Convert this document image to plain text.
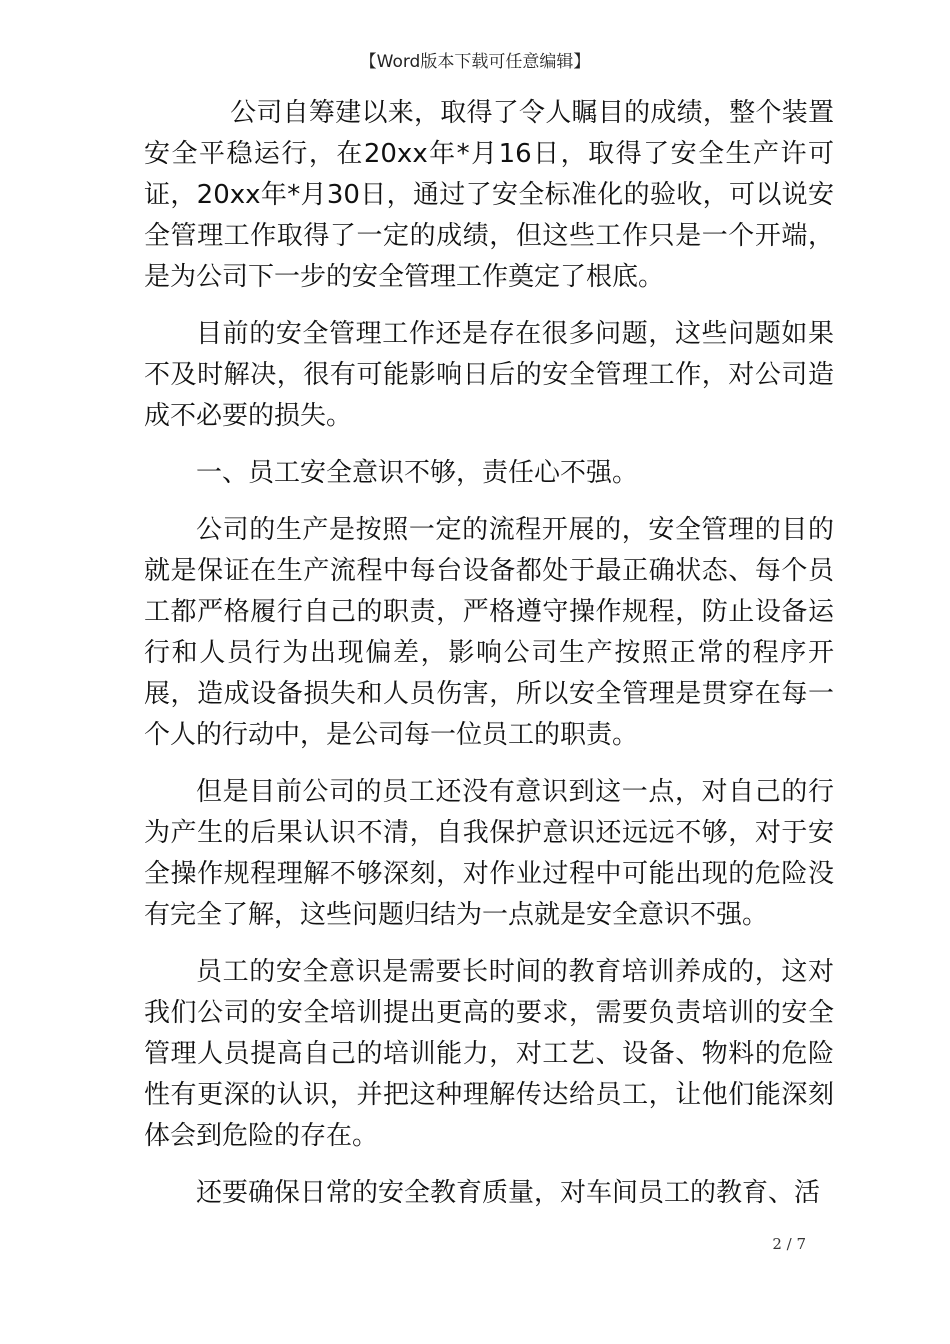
【Word版本下载可任意编辑】

公司自筹建以来，取得了令人瞩目的成绩，整个装置安全平稳运行，在20xx年*月16日，取得了安全生产许可证，20xx年*月30日，通过了安全标准化的验收，可以说安全管理工作取得了一定的成绩，但这些工作只是一个开端，是为公司下一步的安全管理工作奠定了根底。

目前的安全管理工作还是存在很多问题，这些问题如果不及时解决，很有可能影响日后的安全管理工作，对公司造成不必要的损失。

一、员工安全意识不够，责任心不强。

公司的生产是按照一定的流程开展的，安全管理的目的就是保证在生产流程中每台设备都处于最正确状态、每个员工都严格履行自己的职责，严格遵守操作规程，防止设备运行和人员行为出现偏差，影响公司生产按照正常的程序开展，造成设备损失和人员伤害，所以安全管理是贯穿在每一个人的行动中，是公司每一位员工的职责。

但是目前公司的员工还没有意识到这一点，对自己的行为产生的后果认识不清，自我保护意识还远远不够，对于安全操作规程理解不够深刻，对作业过程中可能出现的危险没有完全了解，这些问题归结为一点就是安全意识不强。

员工的安全意识是需要长时间的教育培训养成的，这对我们公司的安全培训提出更高的要求，需要负责培训的安全管理人员提高自己的培训能力，对工艺、设备、物料的危险性有更深的认识，并把这种理解传达给员工，让他们能深刻体会到危险的存在。

还要确保日常的安全教育质量，对车间员工的教育、活

2 / 7
